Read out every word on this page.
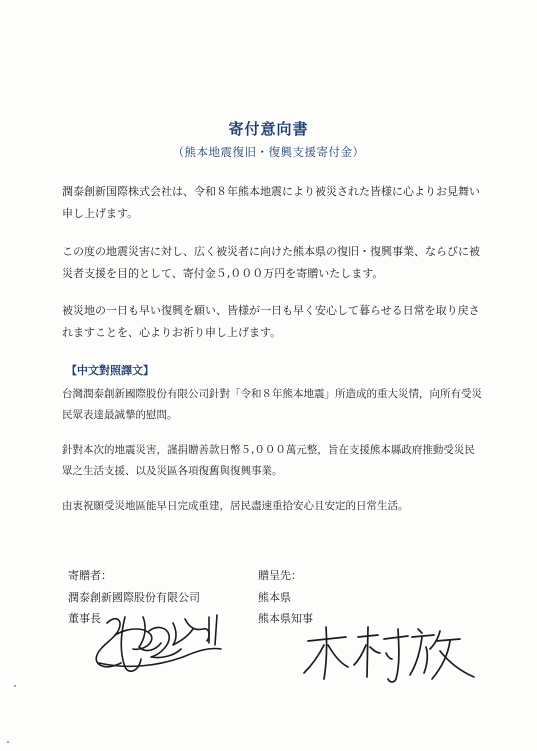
寄付意向書
（熊本地震復旧・復興支援寄付金）
潤泰創新国際株式会社は、令和８年熊本地震により被災された皆様に心よりお見舞い申し上げます。
この度の地震災害に対し、広く被災者に向けた熊本県の復旧・復興事業、ならびに被災者支援を目的として、寄付金５,０００万円を寄贈いたします。
被災地の一日も早い復興を願い、皆様が一日も早く安心して暮らせる日常を取り戻されますことを、心よりお祈り申し上げます。
【中文對照譯文】
台灣潤泰創新國際股份有限公司針對「令和８年熊本地震」所造成的重大災情，向所有受災民眾表達最誠摯的慰問。
針對本次的地震災害，謹捐贈善款日幣５,０００萬元整，旨在支援熊本縣政府推動受災民眾之生活支援、以及災區各項復舊與復興事業。
由衷祝願受災地區能早日完成重建，居民盡速重拾安心且安定的日常生活。
寄贈者：
潤泰創新國際股份有限公司
董事長
贈呈先：
熊本県
熊本県知事
